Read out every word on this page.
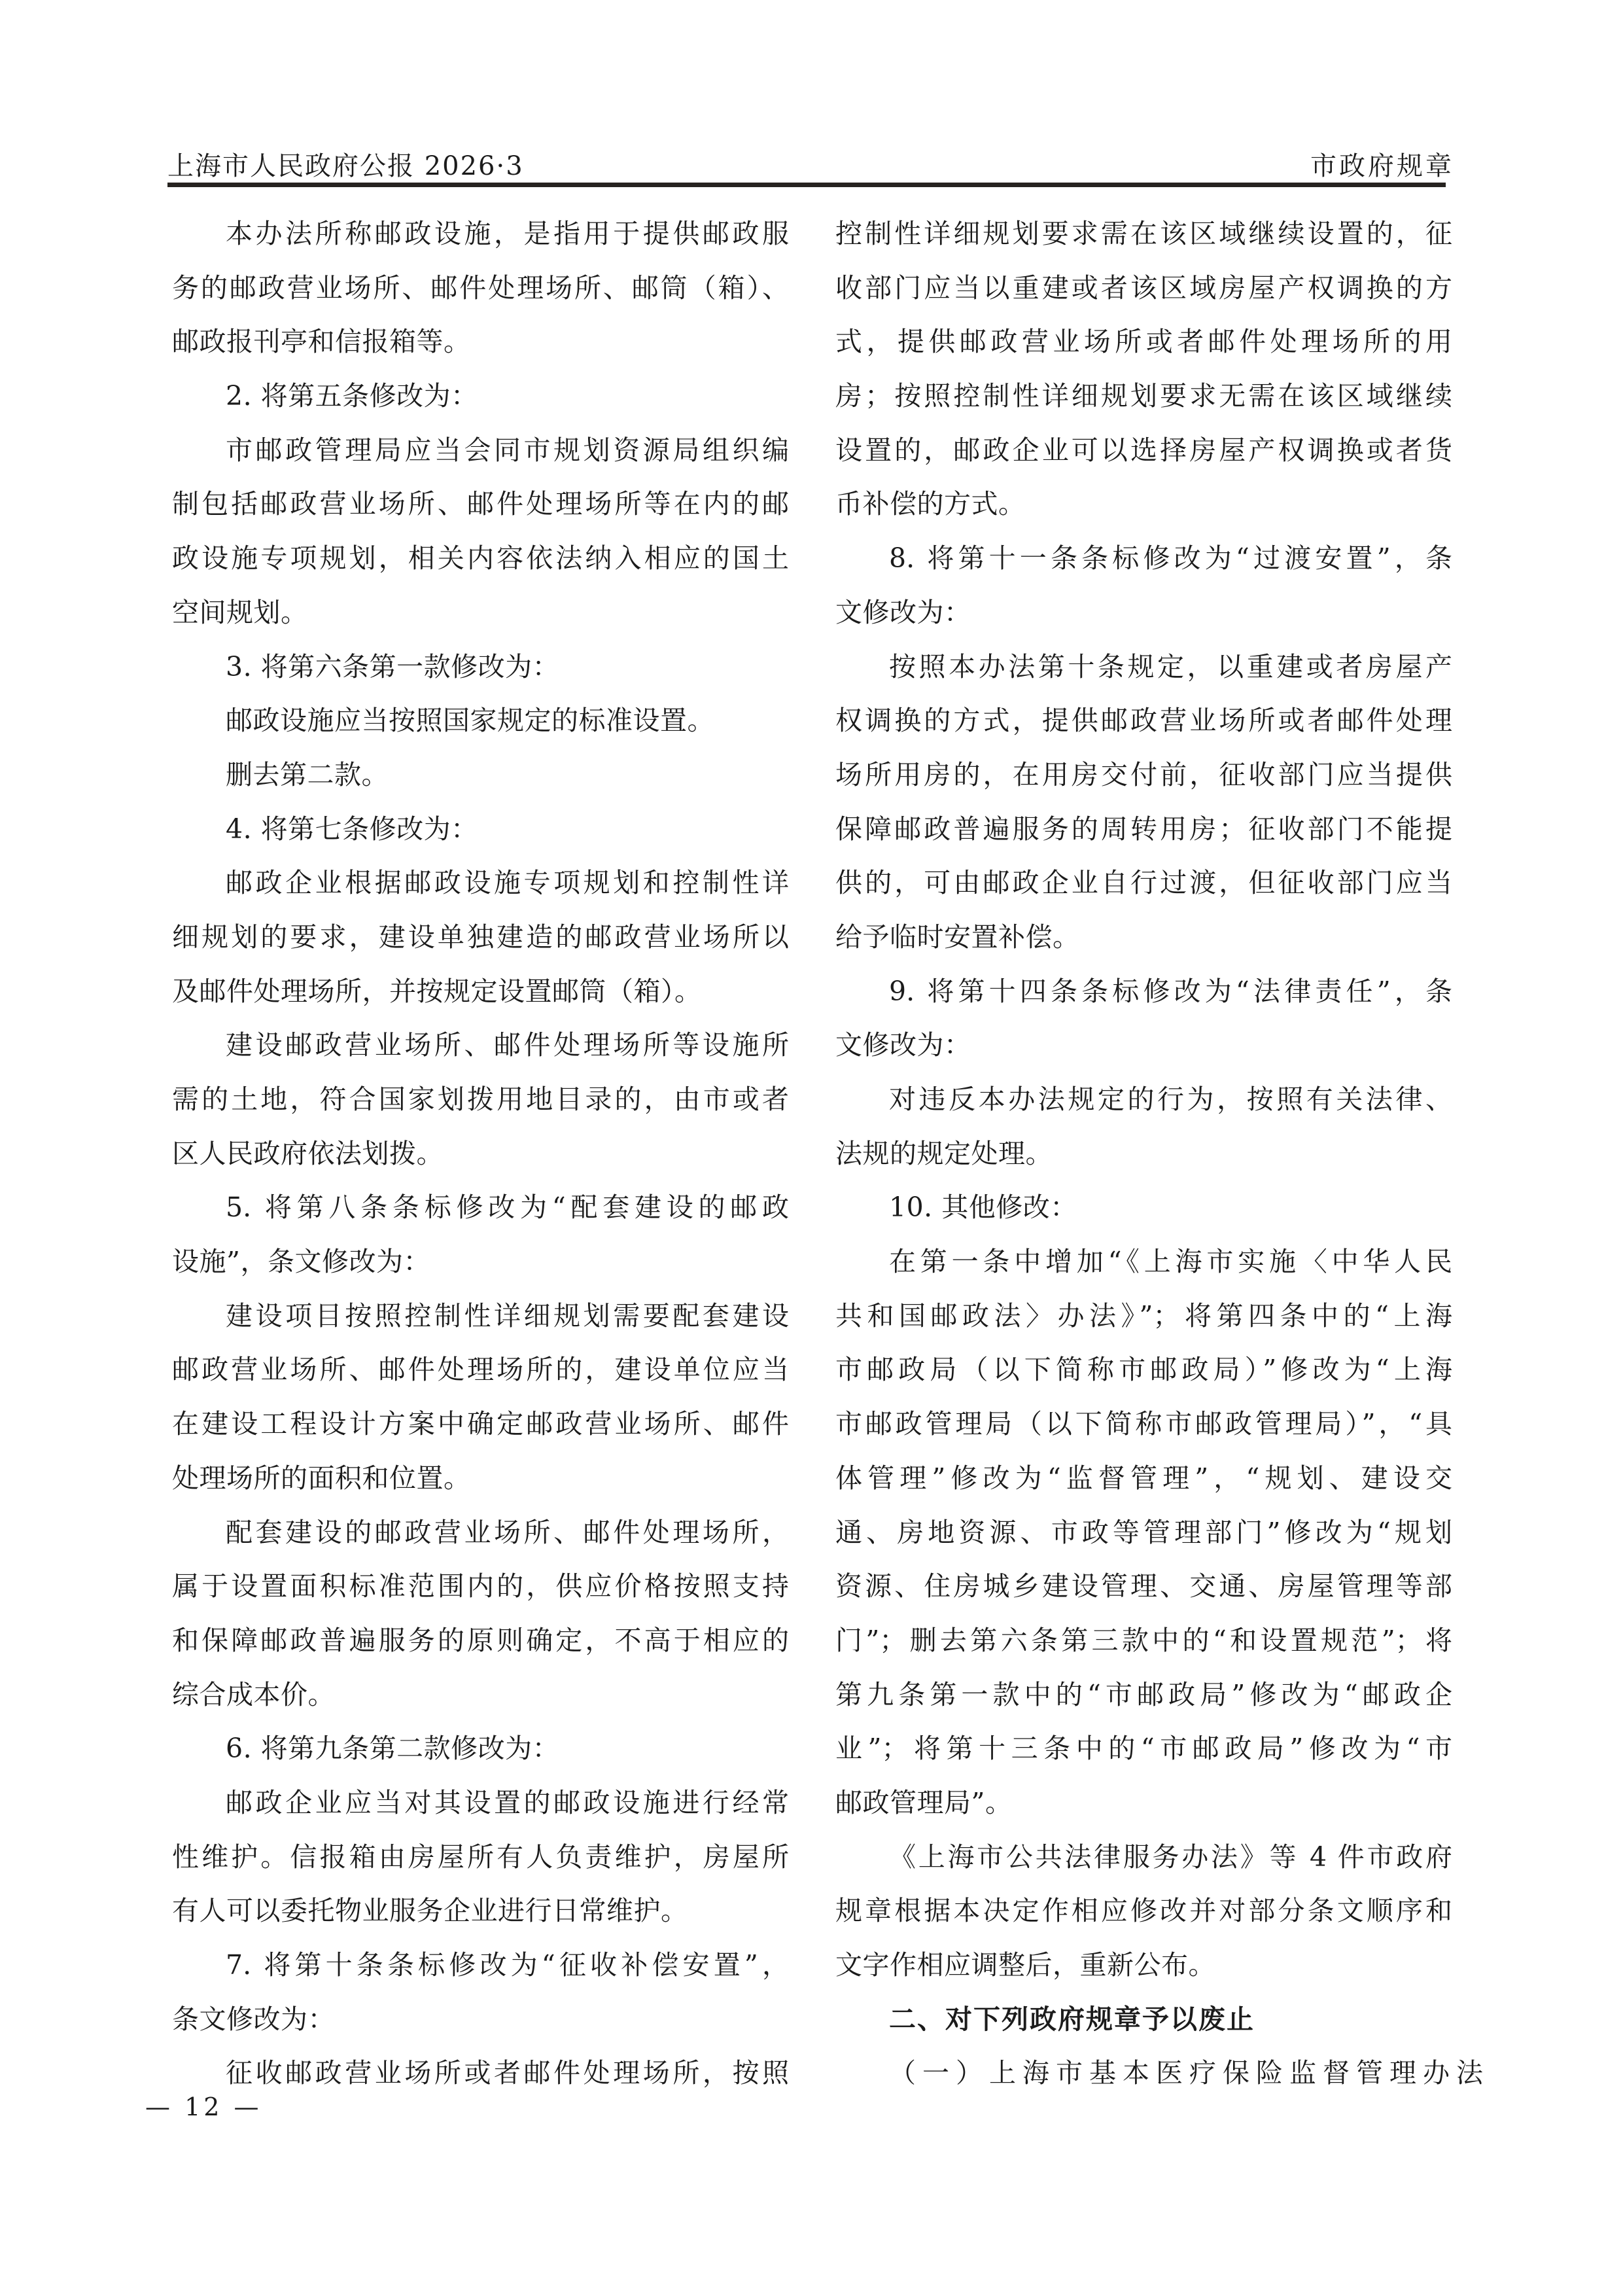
上海市人民政府公报 2026·3	市政府规章
本办法所称邮政设施，是指用于提供邮政服
务的邮政营业场所、邮件处理场所、邮筒（箱）、
邮政报刊亭和信报箱等。
2. 将第五条修改为：
市邮政管理局应当会同市规划资源局组织编
制包括邮政营业场所、邮件处理场所等在内的邮
政设施专项规划，相关内容依法纳入相应的国土
空间规划。
3. 将第六条第一款修改为：
邮政设施应当按照国家规定的标准设置。
删去第二款。
4. 将第七条修改为：
邮政企业根据邮政设施专项规划和控制性详
细规划的要求，建设单独建造的邮政营业场所以
及邮件处理场所，并按规定设置邮筒（箱）。
建设邮政营业场所、邮件处理场所等设施所
需的土地，符合国家划拨用地目录的，由市或者
区人民政府依法划拨。
5. 将第八条条标修改为“配套建设的邮政
设施”，条文修改为：
建设项目按照控制性详细规划需要配套建设
邮政营业场所、邮件处理场所的，建设单位应当
在建设工程设计方案中确定邮政营业场所、邮件
处理场所的面积和位置。
配套建设的邮政营业场所、邮件处理场所，
属于设置面积标准范围内的，供应价格按照支持
和保障邮政普遍服务的原则确定，不高于相应的
综合成本价。
6. 将第九条第二款修改为：
邮政企业应当对其设置的邮政设施进行经常
性维护。信报箱由房屋所有人负责维护，房屋所
有人可以委托物业服务企业进行日常维护。
7. 将第十条条标修改为“征收补偿安置”，
条文修改为：
征收邮政营业场所或者邮件处理场所，按照
控制性详细规划要求需在该区域继续设置的，征
收部门应当以重建或者该区域房屋产权调换的方
式，提供邮政营业场所或者邮件处理场所的用
房；按照控制性详细规划要求无需在该区域继续
设置的，邮政企业可以选择房屋产权调换或者货
币补偿的方式。
8. 将第十一条条标修改为“过渡安置”，条
文修改为：
按照本办法第十条规定，以重建或者房屋产
权调换的方式，提供邮政营业场所或者邮件处理
场所用房的，在用房交付前，征收部门应当提供
保障邮政普遍服务的周转用房；征收部门不能提
供的，可由邮政企业自行过渡，但征收部门应当
给予临时安置补偿。
9. 将第十四条条标修改为“法律责任”，条
文修改为：
对违反本办法规定的行为，按照有关法律、
法规的规定处理。
10. 其他修改：
在第一条中增加“《上海市实施〈中华人民
共和国邮政法〉办法》”；将第四条中的“上海
市邮政局（以下简称市邮政局）”修改为“上海
市邮政管理局（以下简称市邮政管理局）”，“具
体管理”修改为“监督管理”，“规划、建设交
通、房地资源、市政等管理部门”修改为“规划
资源、住房城乡建设管理、交通、房屋管理等部
门”；删去第六条第三款中的“和设置规范”；将
第九条第一款中的“市邮政局”修改为“邮政企
业”；将第十三条中的“市邮政局”修改为“市
邮政管理局”。
《上海市公共法律服务办法》等 4 件市政府
规章根据本决定作相应修改并对部分条文顺序和
文字作相应调整后，重新公布。
二、对下列政府规章予以废止
（一）上海市基本医疗保险监督管理办法
— 12 —
